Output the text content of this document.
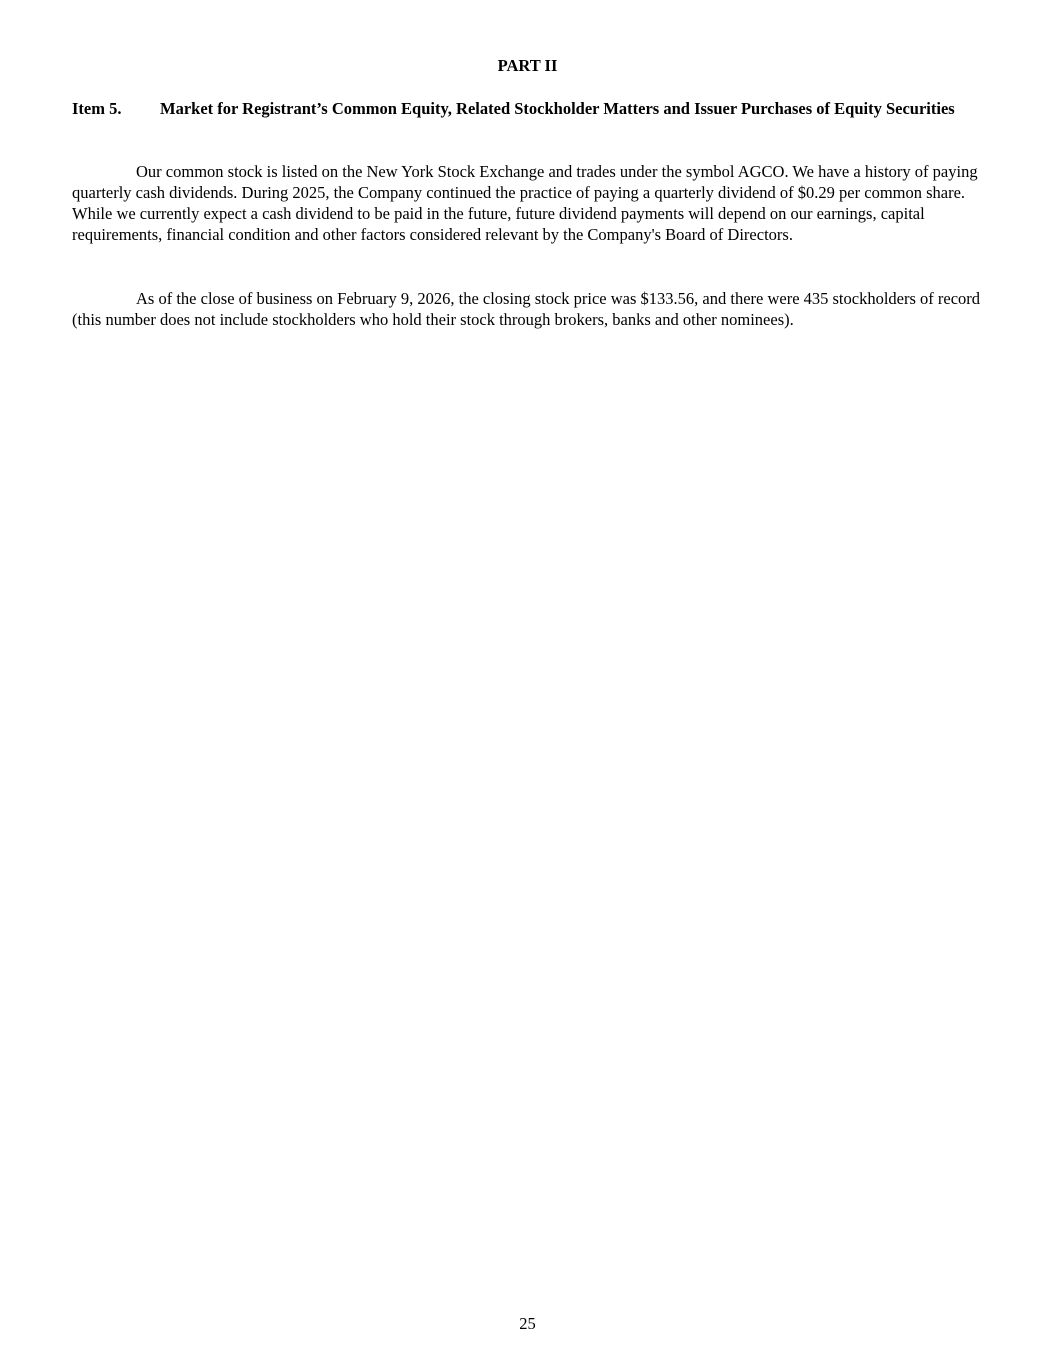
PART II
Item 5.	Market for Registrant’s Common Equity, Related Stockholder Matters and Issuer Purchases of Equity Securities

Our common stock is listed on the New York Stock Exchange and trades under the symbol AGCO. We have a history of paying quarterly cash dividends. During 2025, the Company continued the practice of paying a quarterly dividend of $0.29 per common share. While we currently expect a cash dividend to be paid in the future, future dividend payments will depend on our earnings, capital requirements, financial condition and other factors considered relevant by the Company's Board of Directors.

As of the close of business on February 9, 2026, the closing stock price was $133.56, and there were 435 stockholders of record (this number does not include stockholders who hold their stock through brokers, banks and other nominees).

25
